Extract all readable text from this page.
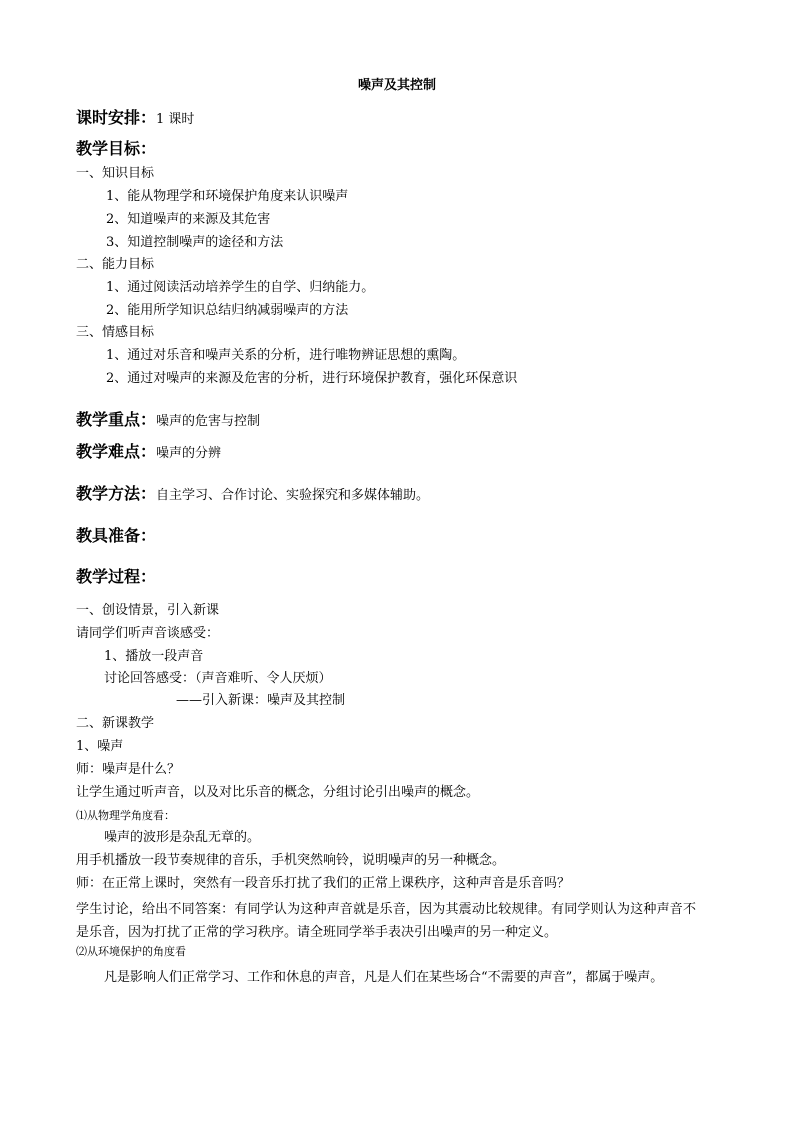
噪声及其控制
课时安排：1 课时
教学目标：
一、知识目标
1、能从物理学和环境保护角度来认识噪声
2、知道噪声的来源及其危害
3、知道控制噪声的途径和方法
二、能力目标
1、通过阅读活动培养学生的自学、归纳能力。
2、能用所学知识总结归纳减弱噪声的方法
三、情感目标
1、通过对乐音和噪声关系的分析，进行唯物辨证思想的熏陶。
2、通过对噪声的来源及危害的分析，进行环境保护教育，强化环保意识
教学重点：噪声的危害与控制
教学难点：噪声的分辨
教学方法：自主学习、合作讨论、实验探究和多媒体辅助。
教具准备：
教学过程：
一、创设情景，引入新课
请同学们听声音谈感受：
1、播放一段声音
讨论回答感受：（声音难听、令人厌烦）
——引入新课：噪声及其控制
二、新课教学
1、噪声
师：噪声是什么？
让学生通过听声音，以及对比乐音的概念，分组讨论引出噪声的概念。
⑴从物理学角度看：
噪声的波形是杂乱无章的。
用手机播放一段节奏规律的音乐，手机突然响铃，说明噪声的另一种概念。
师：在正常上课时，突然有一段音乐打扰了我们的正常上课秩序，这种声音是乐音吗？
学生讨论，给出不同答案：有同学认为这种声音就是乐音，因为其震动比较规律。有同学则认为这种声音不是乐音，因为打扰了正常的学习秩序。请全班同学举手表决引出噪声的另一种定义。
⑵从环境保护的角度看
凡是影响人们正常学习、工作和休息的声音，凡是人们在某些场合“不需要的声音”，都属于噪声。
